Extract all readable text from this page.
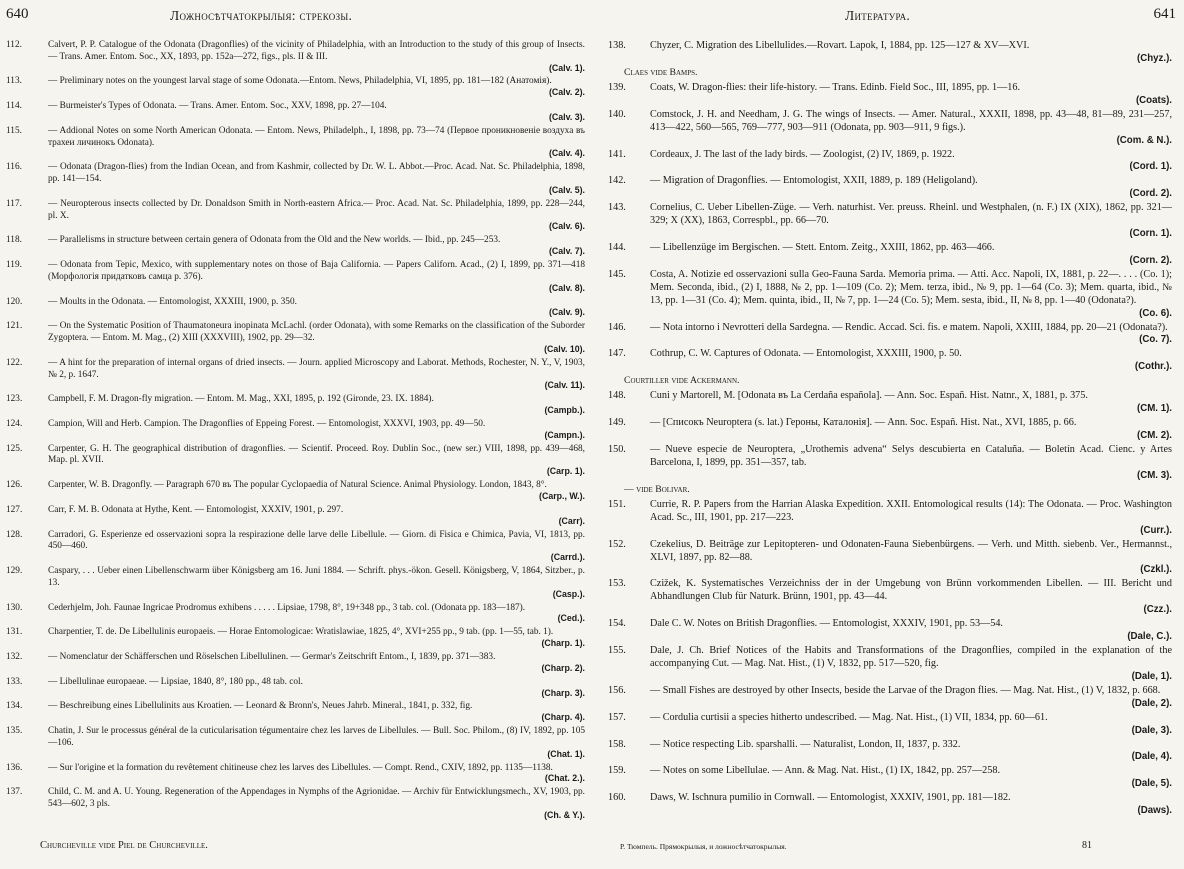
640	Ложносѣтчатокрылыя: стрекозы.
112.	Calvert, P. P. Catalogue of the Odonata (Dragonflies) of the vicinity of Philadelphia, with an Introduction to the study of this group of Insects. — Trans. Amer. Entom. Soc., XX, 1893, pp. 152a—272, figs., pls. II & III.
(Calv. 1).
113.	— Preliminary notes on the youngest larval stage of some Odonata.—Entom. News, Philadelphia, VI, 1895, pp. 181—182 (Анатомія).
(Calv. 2).
114.	— Burmeister's Types of Odonata. — Trans. Amer. Entom. Soc., XXV, 1898, pp. 27—104.
(Calv. 3).
115.	— Addional Notes on some North American Odonata. — Entom. News, Philadelph., I, 1898, pp. 73—74 (Первое проникновеніе воздуха въ трахеи личинокъ Odonata).
(Calv. 4).
116.	— Odonata (Dragon-flies) from the Indian Ocean, and from Kashmir, collected by Dr. W. L. Abbot.—Proc. Acad. Nat. Sc. Philadelphia, 1898, pp. 141—154.
(Calv. 5).
117.	— Neuropterous insects collected by Dr. Donaldson Smith in North-eastern Africa.— Proc. Acad. Nat. Sc. Philadelphia, 1899, pp. 228—244, pl. X.
(Calv. 6).
118.	— Parallelisms in structure between certain genera of Odonata from the Old and the New worlds. — Ibid., pp. 245—253.
(Calv. 7).
119.	— Odonata from Tepic, Mexico, with supplementary notes on those of Baja California. — Papers Californ. Acad., (2) I, 1899, pp. 371—418 (Морфологія придатковъ самца p. 376).
(Calv. 8).
120.	— Moults in the Odonata. — Entomologist, XXXIII, 1900, p. 350.
(Calv. 9).
121.	— On the Systematic Position of Thaumatoneura inopinata McLachl. (order Odonata), with some Remarks on the classification of the Suborder Zygoptera. — Entom. M. Mag., (2) XIII (XXXVIII), 1902, pp. 29—32.
(Calv. 10).
122.	— A hint for the preparation of internal organs of dried insects. — Journ. applied Microscopy and Laborat. Methods, Rochester, N. Y., V, 1903, № 2, p. 1647.
(Calv. 11).
123.	Campbell, F. M. Dragon-fly migration. — Entom. M. Mag., XXI, 1895, p. 192 (Gironde, 23. IX. 1884).
(Campb.).
124.	Campion, Will and Herb. Campion. The Dragonflies of Eppeing Forest. — Entomologist, XXXVI, 1903, pp. 49—50.
(Campn.).
125.	Carpenter, G. H. The geographical distribution of dragonflies. — Scientif. Proceed. Roy. Dublin Soc., (new ser.) VIII, 1898, pp. 439—468, Map. pl. XVII.
(Carp. 1).
126.	Carpenter, W. B. Dragonfly. — Paragraph 670 въ The popular Cyclopaedia of Natural Science. Animal Physiology. London, 1843, 8°.
(Carp., W.).
127.	Carr, F. M. B. Odonata at Hythe, Kent. — Entomologist, XXXIV, 1901, p. 297.
(Carr).
128.	Carradori, G. Esperienze ed osservazioni sopra la respirazione delle larve delle Libellule. — Giorn. di Fisica e Chimica, Pavia, VI, 1813, pp. 450—460.
(Carrd.).
129.	Caspary, . . . Ueber einen Libellenschwarm über Königsberg am 16. Juni 1884. — Schrift. phys.-ökon. Gesell. Königsberg, V, 1864, Sitzber., p. 13.
(Casp.).
130.	Cederhjelm, Joh. Faunae Ingricae Prodromus exhibens . . . . . Lipsiae, 1798, 8°, 19+348 pp., 3 tab. col. (Odonata pp. 183—187).
(Ced.).
131.	Charpentier, T. de. De Libellulinis europaeis. — Horae Entomologicae: Wratislawiae, 1825, 4°, XVI+255 pp., 9 tab. (pp. 1—55, tab. 1).
(Charp. 1).
132.	— Nomenclatur der Schäfferschen und Röselschen Libellulinen. — Germar's Zeitschrift Entom., I, 1839, pp. 371—383.
(Charp. 2).
133.	— Libellulinae europaeae. — Lipsiae, 1840, 8°, 180 pp., 48 tab. col.
(Charp. 3).
134.	— Beschreibung eines Libellulinits aus Kroatien. — Leonard & Bronn's, Neues Jahrb. Mineral., 1841, p. 332, fig.
(Charp. 4).
135.	Chatin, J. Sur le processus général de la cuticularisation tégumentaire chez les larves de Libellules. — Bull. Soc. Philom., (8) IV, 1892, pp. 105—106.
(Chat. 1).
136.	— Sur l'origine et la formation du revêtement chitineuse chez les larves des Libellules. — Compt. Rend., CXIV, 1892, pp. 1135—1138.
(Chat. 2.).
137.	Child, C. M. and A. U. Young. Regeneration of the Appendages in Nymphs of the Agrionidae. — Archiv für Entwicklungsmech., XV, 1903, pp. 543—602, 3 pls.
(Ch. & Y.).
Churcheville vide Piel de Churcheville.
Литература.	641
138.	Chyzer, C. Migration des Libellulides.—Rovart. Lapok, I, 1884, pp. 125—127 & XV—XVI.
(Chyz.).
Claes vide Bamps.
139.	Coats, W. Dragon-flies: their life-history. — Trans. Edinb. Field Soc., III, 1895, pp. 1—16.
(Coats).
140.	Comstock, J. H. and Needham, J. G. The wings of Insects. — Amer. Natural., XXXII, 1898, pp. 43—48, 81—89, 231—257, 413—422, 560—565, 769—777, 903—911 (Odonata, pp. 903—911, 9 figs.).
(Com. & N.).
141.	Cordeaux, J. The last of the lady birds. — Zoologist, (2) IV, 1869, p. 1922.
(Cord. 1).
142.	— Migration of Dragonflies. — Entomologist, XXII, 1889, p. 189 (Heligoland).
(Cord. 2).
143.	Cornelius, C. Ueber Libellen-Züge. — Verh. naturhist. Ver. preuss. Rheinl. und Westphalen, (n. F.) IX (XIX), 1862, pp. 321—329; X (XX), 1863, Correspbl., pp. 66—70.
(Corn. 1).
144.	— Libellenzüge im Bergischen. — Stett. Entom. Zeitg., XXIII, 1862, pp. 463—466.
(Corn. 2).
145.	Costa, A. Notizie ed osservazioni sulla Geo-Fauna Sarda. Memoria prima. — Atti. Acc. Napoli, IX, 1881, p. 22—. . . . (Co. 1); Mem. Seconda, ibid., (2) I, 1888, № 2, pp. 1—109 (Co. 2); Mem. terza, ibid., № 9, pp. 1—64 (Co. 3); Mem. quarta, ibid., № 13, pp. 1—31 (Co. 4); Mem. quinta, ibid., II, № 7, pp. 1—24 (Co. 5); Mem. sesta, ibid., II, № 8, pp. 1—40 (Odonata?).
(Co. 6).
146.	— Nota intorno i Nevrotteri della Sardegna. — Rendic. Accad. Sci. fis. e matem. Napoli, XXIII, 1884, pp. 20—21 (Odonata?).
(Co. 7).
147.	Cothrup, C. W. Captures of Odonata. — Entomologist, XXXIII, 1900, p. 50.
(Cothr.).
Courtiller vide Ackermann.
148.	Cuni y Martorell, M. [Odonata въ La Cerdaña española]. — Ann. Soc. Españ. Hist. Natnr., X, 1881, p. 375.
(CM. 1).
149.	— [Списокъ Neuroptera (s. lat.) Героны, Каталонія]. — Ann. Soc. Españ. Hist. Nat., XVI, 1885, p. 66.
(CM. 2).
150.	— Nueve especie de Neuroptera, „Urothemis advena“ Selys descubierta en Cataluña. — Boletín Acad. Cienc. y Artes Barcelona, I, 1899, pp. 351—357, tab.
(CM. 3).
— vide Bolivar.
151.	Currie, R. P. Papers from the Harrian Alaska Expedition. XXII. Entomological results (14): The Odonata. — Proc. Washington Acad. Sc., III, 1901, pp. 217—223.
(Curr.).
152.	Czekelius, D. Beiträge zur Lepitopteren- und Odonaten-Fauna Siebenbürgens. — Verh. und Mitth. siebenb. Ver., Hermannst., XLVI, 1897, pp. 82—88.
(Czkl.).
153.	Czižek, K. Systematisches Verzeichniss der in der Umgebung von Brünn vorkommenden Libellen. — III. Bericht und Abhandlungen Club für Naturk. Brünn, 1901, pp. 43—44.
(Czz.).
154.	Dale C. W. Notes on British Dragonflies. — Entomologist, XXXIV, 1901, pp. 53—54.
(Dale, C.).
155.	Dale, J. Ch. Brief Notices of the Habits and Transformations of the Dragonflies, compiled in the explanation of the accompanying Cut. — Mag. Nat. Hist., (1) V, 1832, pp. 517—520, fig.
(Dale, 1).
156.	— Small Fishes are destroyed by other Insects, beside the Larvae of the Dragon flies. — Mag. Nat. Hist., (1) V, 1832, p. 668.
(Dale, 2).
157.	— Cordulia curtisii a species hitherto undescribed. — Mag. Nat. Hist., (1) VII, 1834, pp. 60—61.
(Dale, 3).
158.	— Notice respecting Lib. sparshalli. — Naturalist, London, II, 1837, p. 332.
(Dale, 4).
159.	— Notes on some Libellulae. — Ann. & Mag. Nat. Hist., (1) IX, 1842, pp. 257—258.
(Dale, 5).
160.	Daws, W. Ischnura pumilio in Cornwall. — Entomologist, XXXIV, 1901, pp. 181—182.
(Daws).
Р. Тюмпель. Прямокрылыя, и ложносѣтчатокрылыя.	81
